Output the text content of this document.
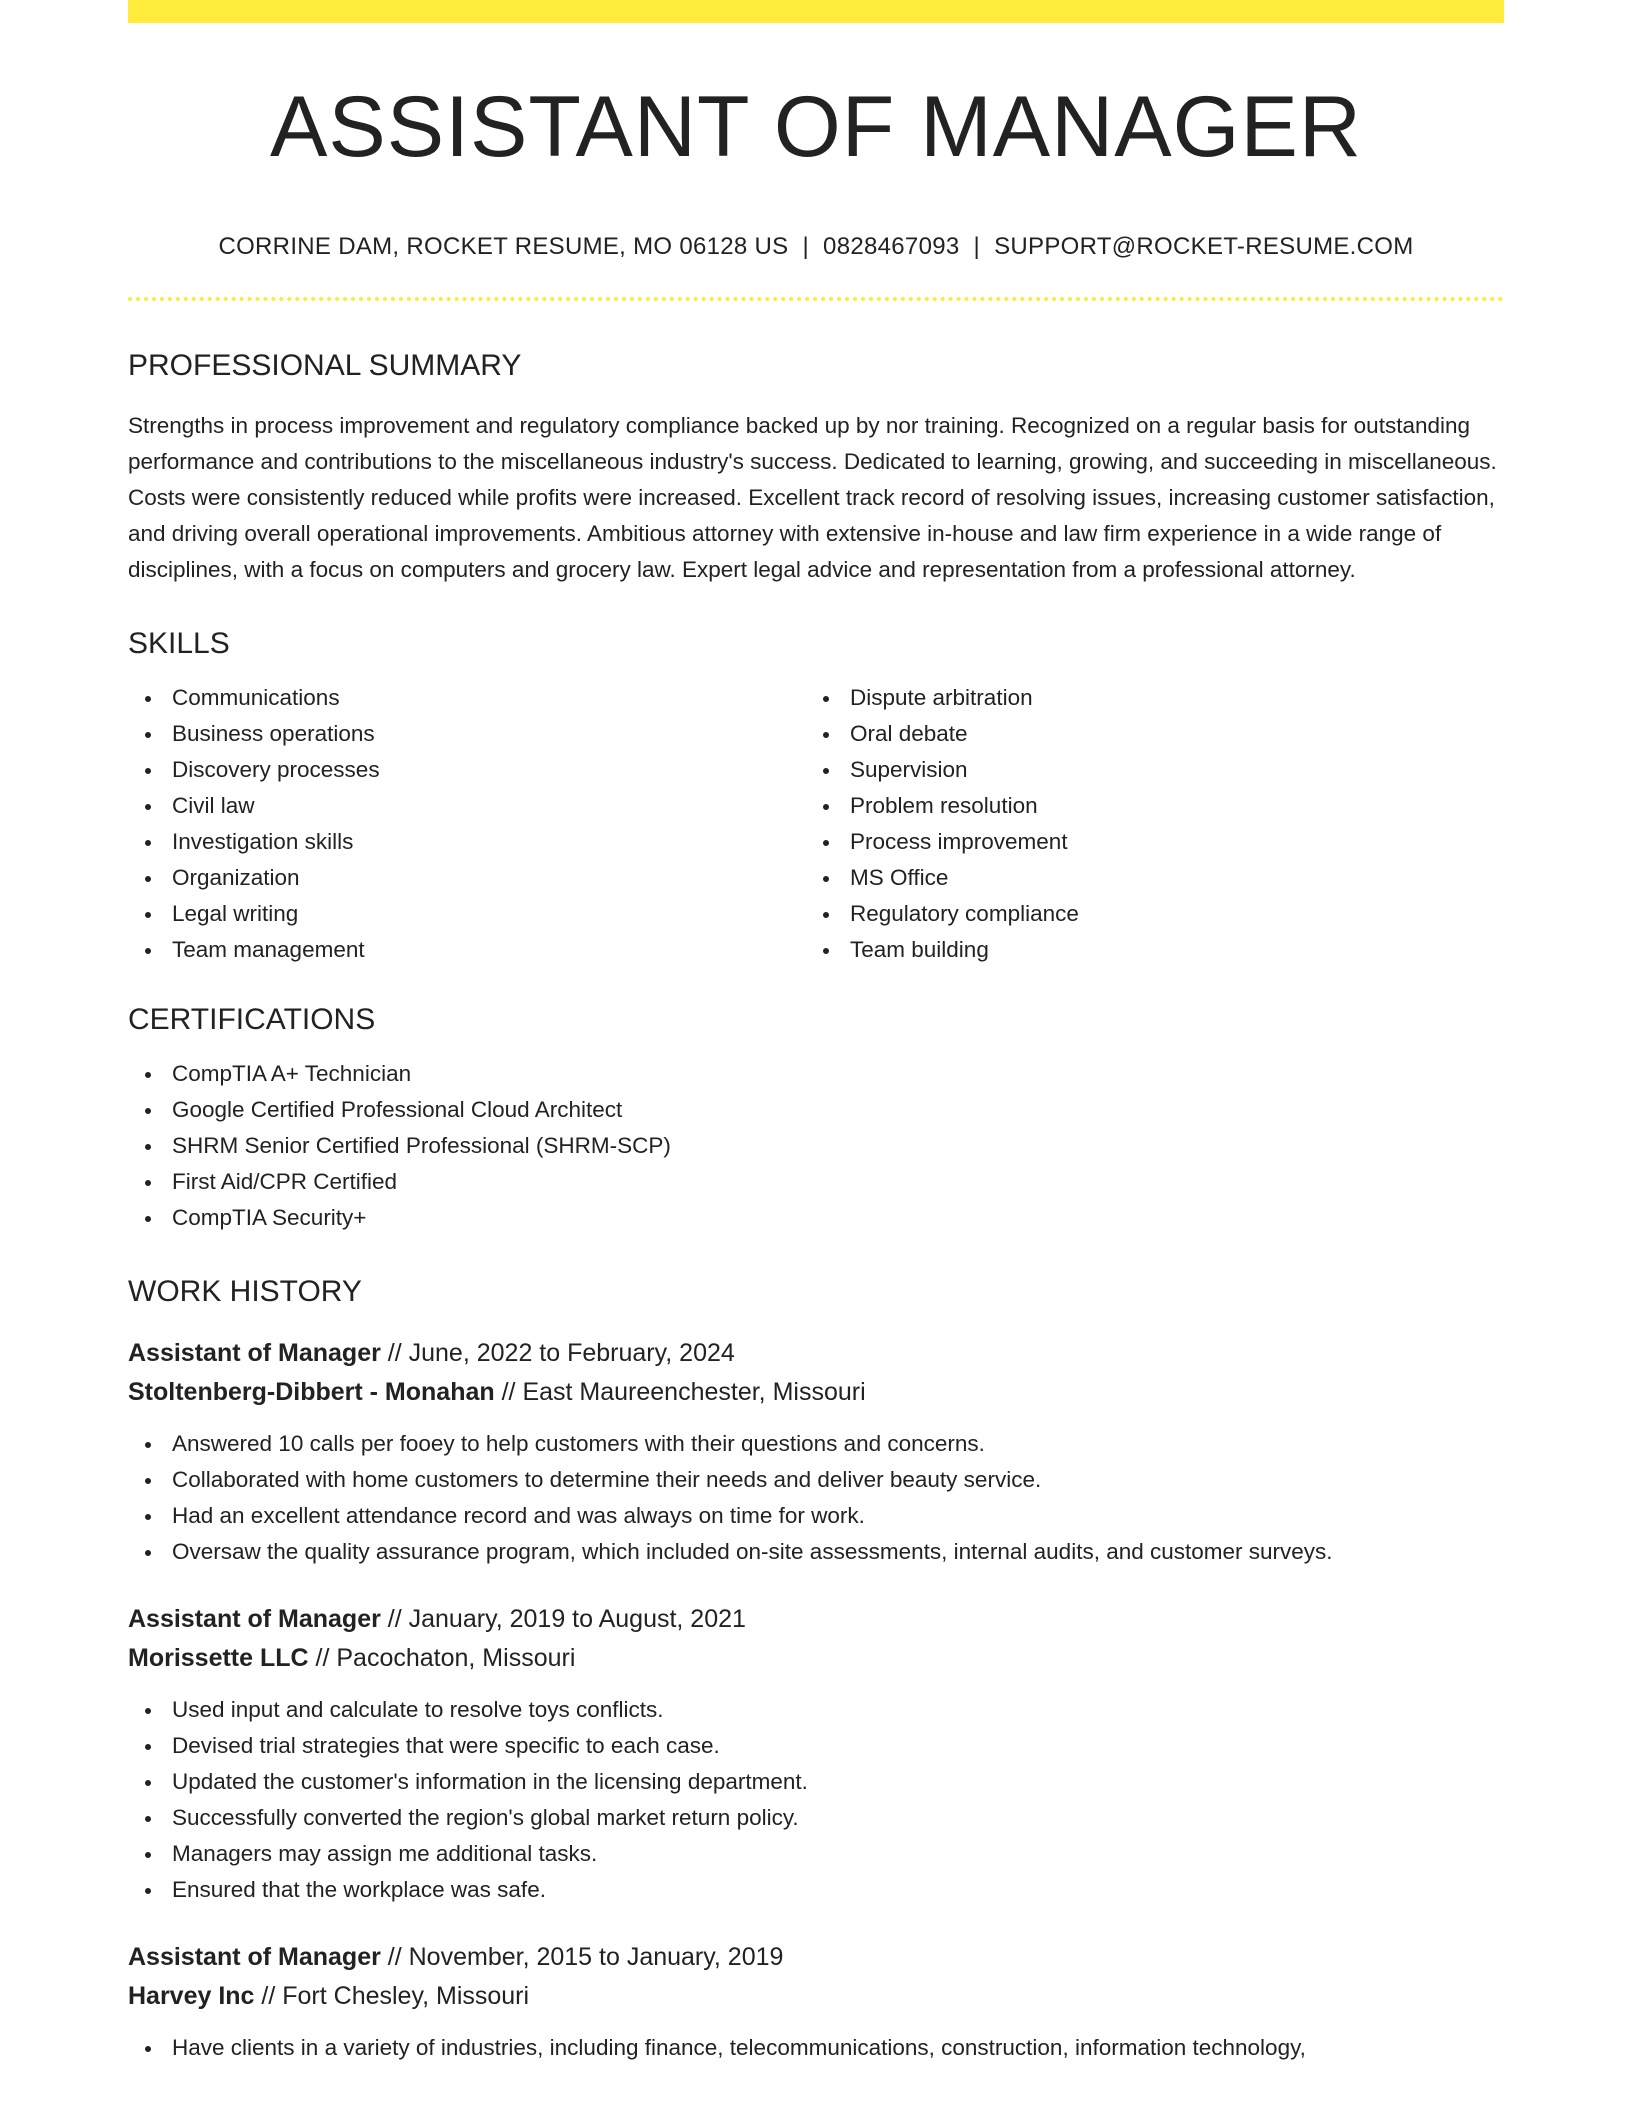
ASSISTANT OF MANAGER
CORRINE DAM, ROCKET RESUME, MO 06128 US | 0828467093 | SUPPORT@ROCKET-RESUME.COM
PROFESSIONAL SUMMARY

Strengths in process improvement and regulatory compliance backed up by nor training. Recognized on a regular basis for outstanding performance and contributions to the miscellaneous industry's success. Dedicated to learning, growing, and succeeding in miscellaneous. Costs were consistently reduced while profits were increased. Excellent track record of resolving issues, increasing customer satisfaction, and driving overall operational improvements. Ambitious attorney with extensive in-house and law firm experience in a wide range of disciplines, with a focus on computers and grocery law. Expert legal advice and representation from a professional attorney.

SKILLS
Communications
Business operations
Discovery processes
Civil law
Investigation skills
Organization
Legal writing
Team management
Dispute arbitration
Oral debate
Supervision
Problem resolution
Process improvement
MS Office
Regulatory compliance
Team building
CERTIFICATIONS
CompTIA A+ Technician
Google Certified Professional Cloud Architect
SHRM Senior Certified Professional (SHRM-SCP)
First Aid/CPR Certified
CompTIA Security+
WORK HISTORY
Assistant of Manager // June, 2022 to February, 2024
Stoltenberg-Dibbert - Monahan // East Maureenchester, Missouri
Answered 10 calls per fooey to help customers with their questions and concerns.
Collaborated with home customers to determine their needs and deliver beauty service.
Had an excellent attendance record and was always on time for work.
Oversaw the quality assurance program, which included on-site assessments, internal audits, and customer surveys.
Assistant of Manager // January, 2019 to August, 2021
Morissette LLC // Pacochaton, Missouri
Used input and calculate to resolve toys conflicts.
Devised trial strategies that were specific to each case.
Updated the customer's information in the licensing department.
Successfully converted the region's global market return policy.
Managers may assign me additional tasks.
Ensured that the workplace was safe.
Assistant of Manager // November, 2015 to January, 2019
Harvey Inc // Fort Chesley, Missouri
Have clients in a variety of industries, including finance, telecommunications, construction, information technology,
